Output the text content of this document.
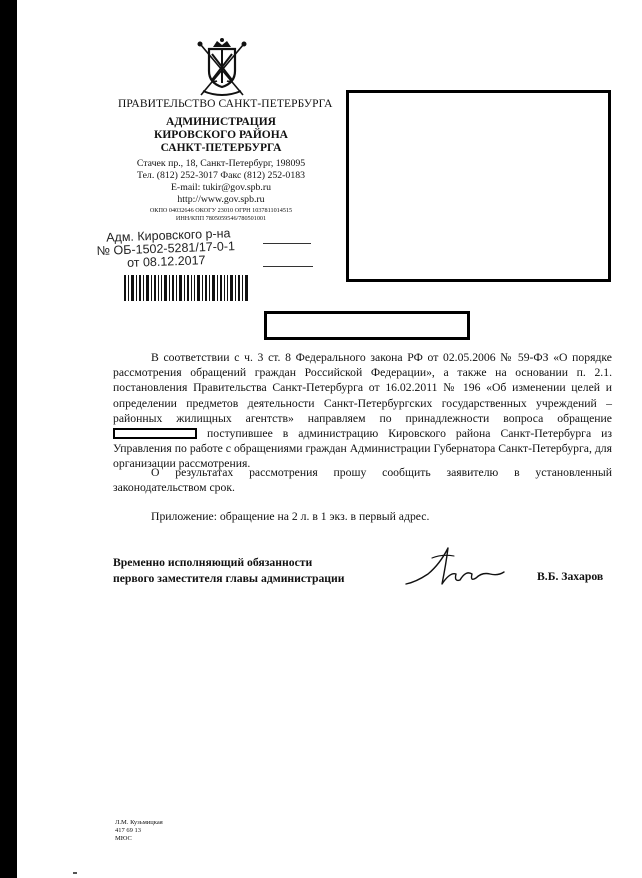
ПРАВИТЕЛЬСТВО САНКТ-ПЕТЕРБУРГА
АДМИНИСТРАЦИЯ
КИРОВСКОГО РАЙОНА
САНКТ-ПЕТЕРБУРГА
Стачек пр., 18, Санкт-Петербург, 198095
Тел. (812) 252-3017 Факс (812) 252-0183
E-mail: tukir@gov.spb.ru
http://www.gov.spb.ru
ОКПО 04032646 ОКОГУ 23010 ОГРН 1037811014515
ИНН/КПП 7805059546/780501001
Адм. Кировского р-на
№ ОБ-1502-5281/17-0-1
от 08.12.2017
В соответствии с ч. 3 ст. 8 Федерального закона РФ от 02.05.2006 № 59-ФЗ «О порядке рассмотрения обращений граждан Российской Федерации», а также на основании п. 2.1. постановления Правительства Санкт-Петербурга от 16.02.2011 № 196 «Об изменении целей и определении предметов деятельности Санкт-Петербургских государственных учреждений – районных жилищных агентств» направляем по принадлежности вопроса обращение  поступившее в администрацию Кировского района Санкт-Петербурга из Управления по работе с обращениями граждан Администрации Губернатора Санкт-Петербурга, для организации рассмотрения.
О результатах рассмотрения прошу сообщить заявителю в установленный законодательством срок.
Приложение: обращение на 2 л. в 1 экз. в первый адрес.
Временно исполняющий обязанности
первого заместителя главы администрации	В.Б. Захаров
Л.М. Кузьмицкая
417 69 13
МЮС
